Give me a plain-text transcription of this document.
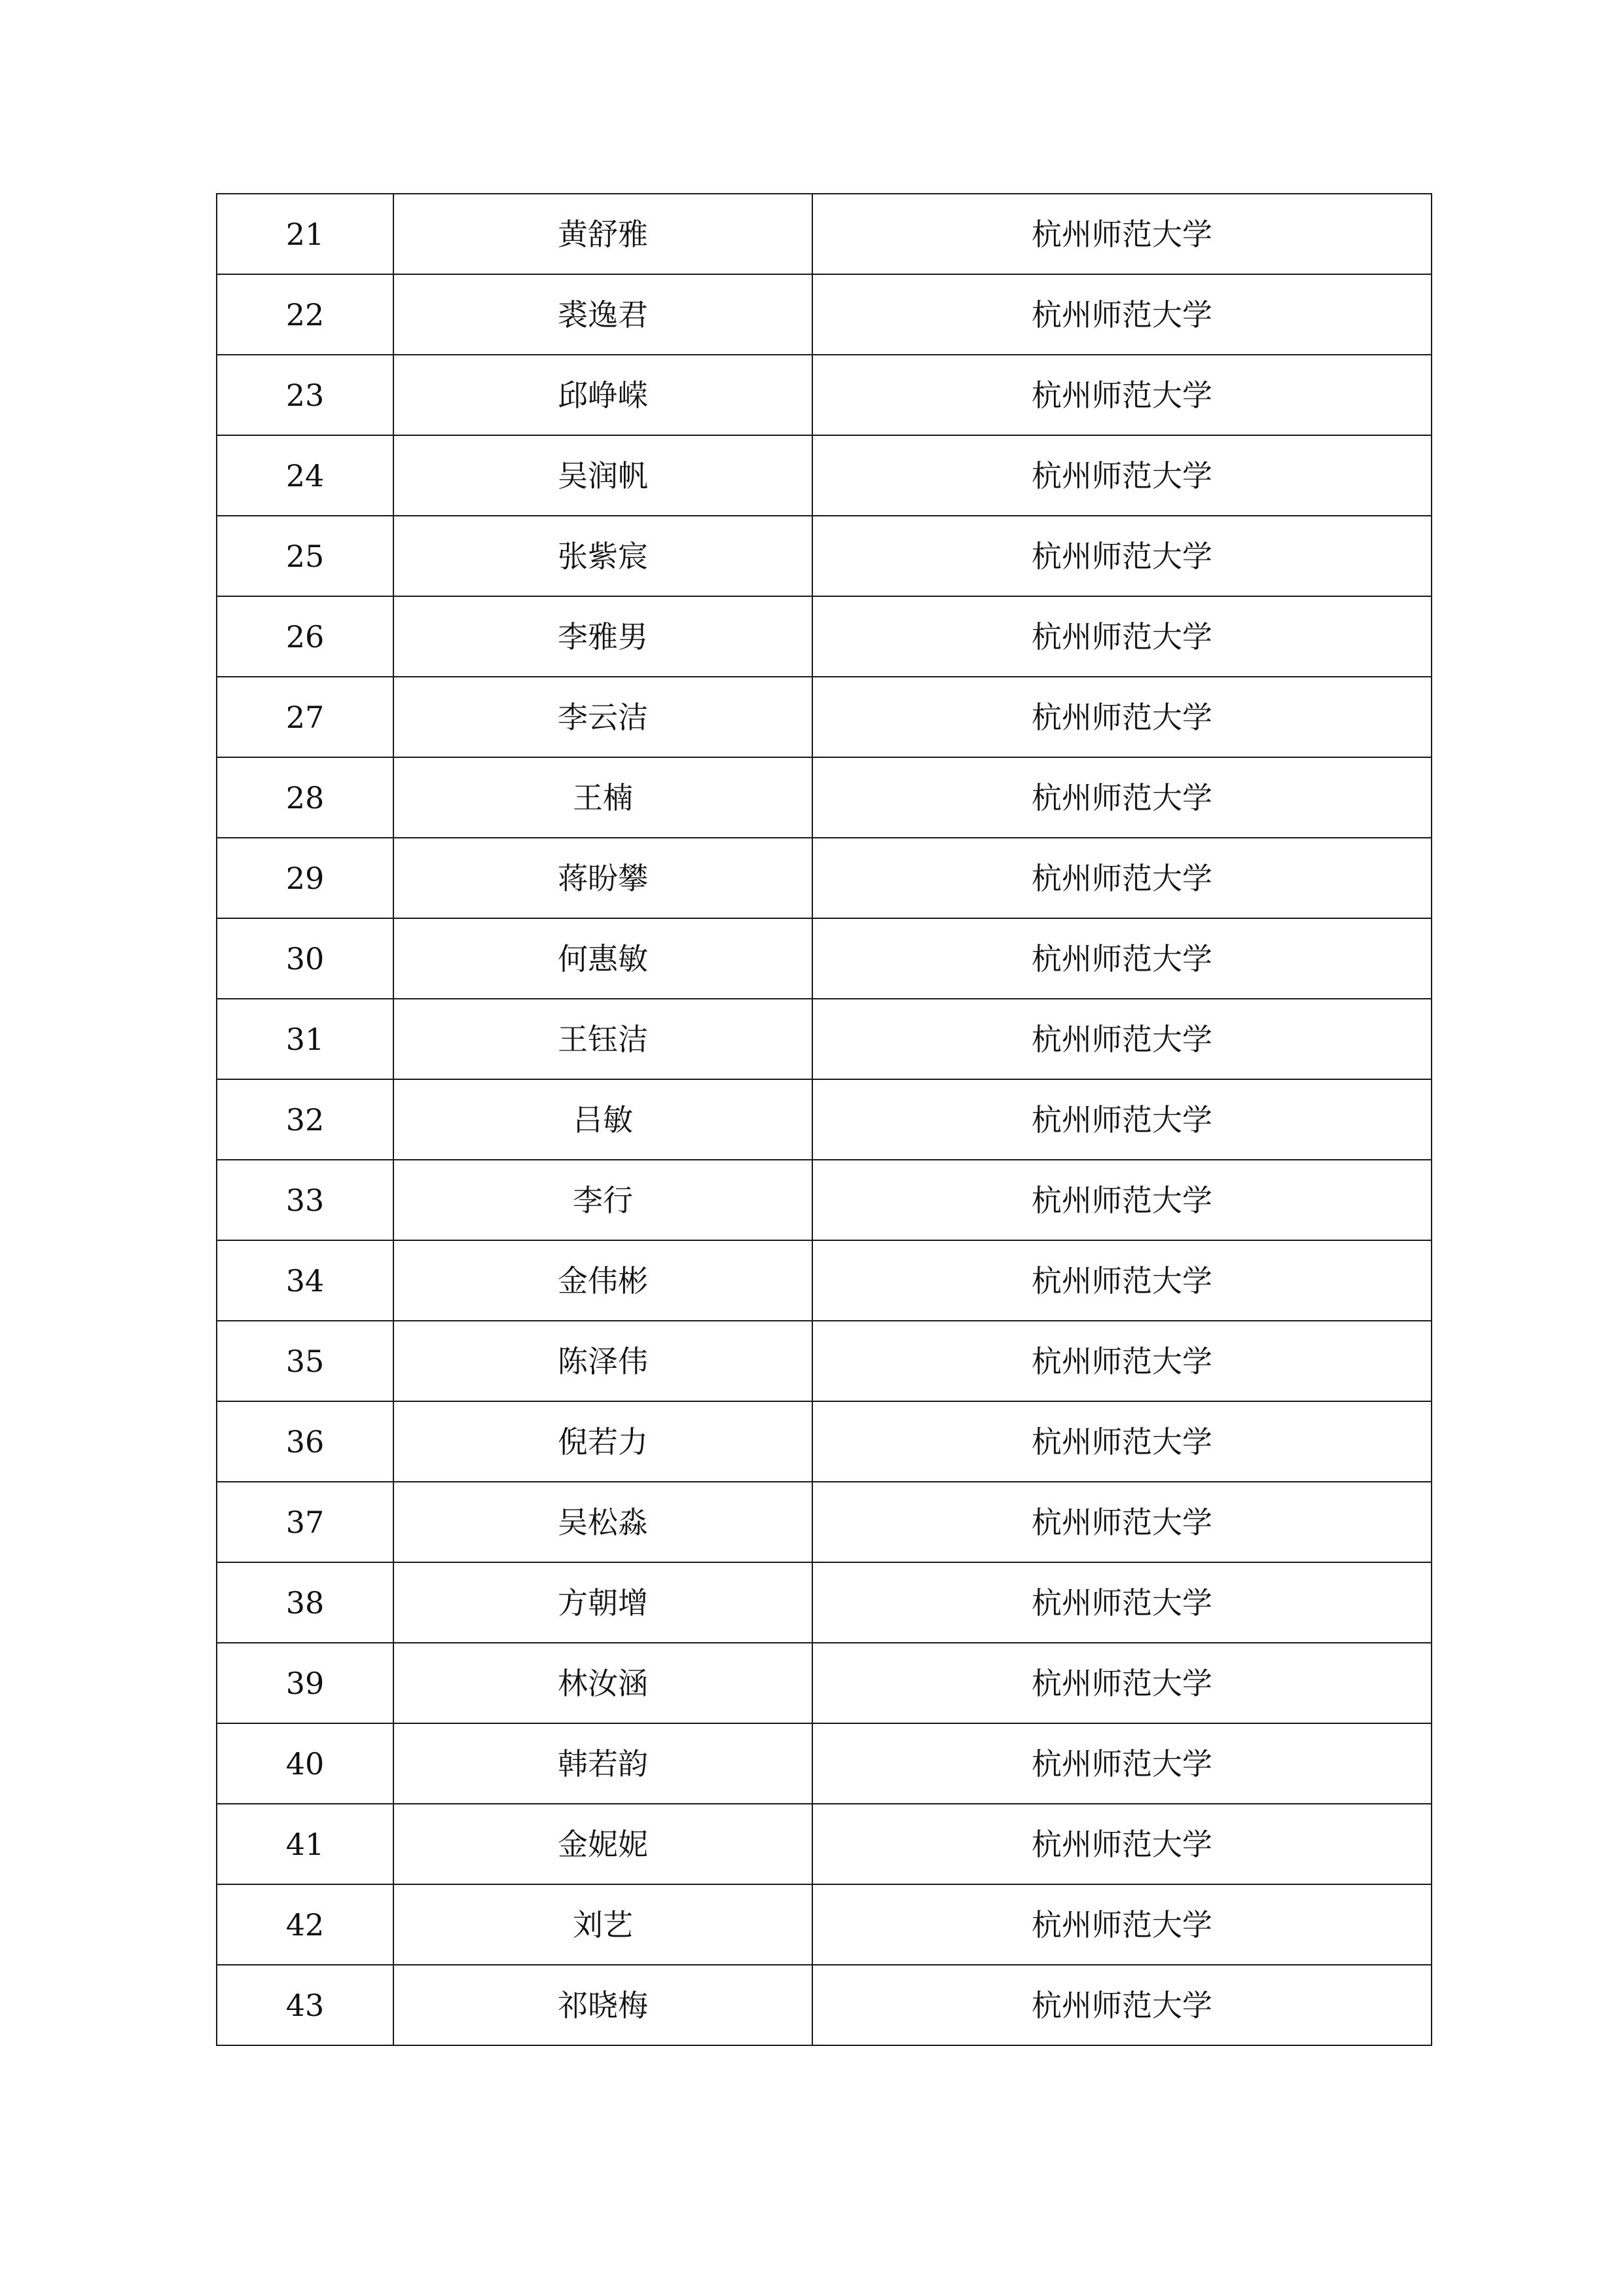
21	黄舒雅	杭州师范大学
22	裘逸君	杭州师范大学
23	邱峥嵘	杭州师范大学
24	吴润帆	杭州师范大学
25	张紫宸	杭州师范大学
26	李雅男	杭州师范大学
27	李云洁	杭州师范大学
28	王楠	杭州师范大学
29	蒋盼攀	杭州师范大学
30	何惠敏	杭州师范大学
31	王钰洁	杭州师范大学
32	吕敏	杭州师范大学
33	李行	杭州师范大学
34	金伟彬	杭州师范大学
35	陈泽伟	杭州师范大学
36	倪若力	杭州师范大学
37	吴松淼	杭州师范大学
38	方朝增	杭州师范大学
39	林汝涵	杭州师范大学
40	韩若韵	杭州师范大学
41	金妮妮	杭州师范大学
42	刘艺	杭州师范大学
43	祁晓梅	杭州师范大学
